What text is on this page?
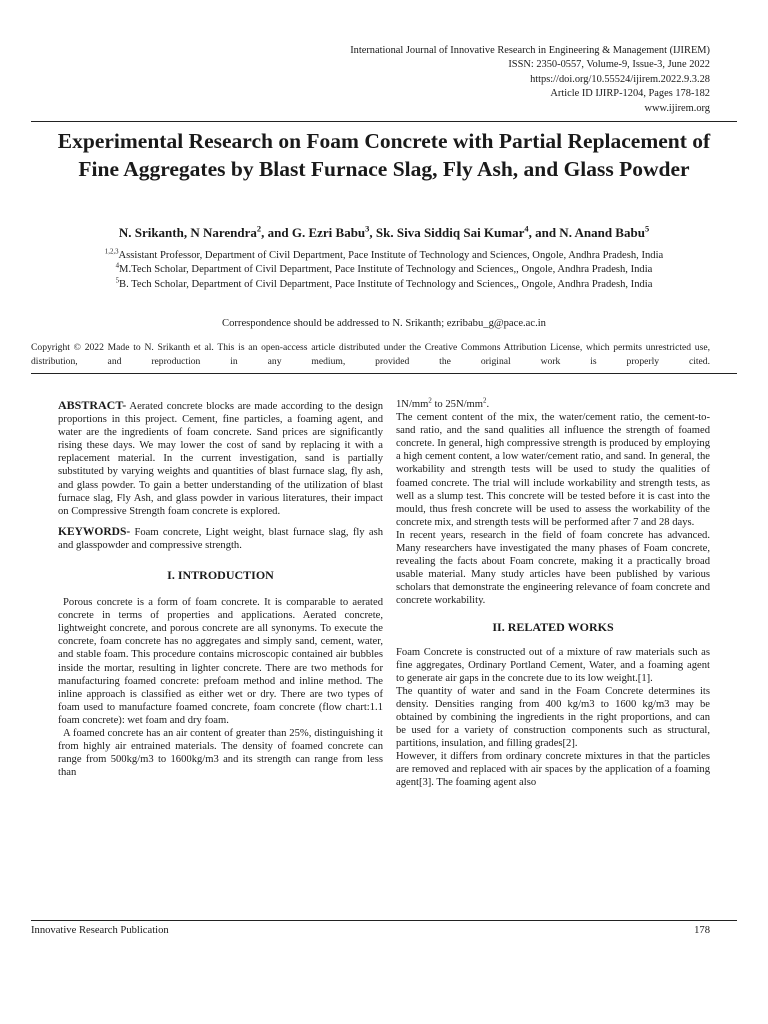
International Journal of Innovative Research in Engineering & Management (IJIREM)
ISSN: 2350-0557, Volume-9, Issue-3, June 2022
https://doi.org/10.55524/ijirem.2022.9.3.28
Article ID IJIRP-1204, Pages 178-182
www.ijirem.org
Experimental Research on Foam Concrete with Partial Replacement of Fine Aggregates by Blast Furnace Slag, Fly Ash, and Glass Powder
N. Srikanth, N Narendra$^2$, and G. Ezri Babu$^3$, Sk. Siva Siddiq Sai Kumar$^4$, and N. Anand Babu$^5$

$^{1,2,3}$Assistant Professor, Department of Civil Department, Pace Institute of Technology and Sciences, Ongole, Andhra Pradesh, India

$^4$M.Tech Scholar, Department of Civil Department, Pace Institute of Technology and Sciences,, Ongole, Andhra Pradesh, India

$^5$B. Tech Scholar, Department of Civil Department, Pace Institute of Technology and Sciences,, Ongole, Andhra Pradesh, India

Correspondence should be addressed to N. Srikanth; ezribabu_g@pace.ac.in
Copyright © 2022 Made to N. Srikanth et al. This is an open-access article distributed under the Creative Commons Attribution License, which permits unrestricted use, distribution, and reproduction in any medium, provided the original work is properly cited.

ABSTRACT- Aerated concrete blocks are made according to the design proportions in this project. Cement, fine particles, a foaming agent, and water are the ingredients of foam concrete. Sand prices are significantly rising these days. We may lower the cost of sand by replacing it with a replacement material. In the current investigation, sand is partially substituted by varying weights and quantities of blast furnace slag, fly ash, and glass powder. To gain a better understanding of the utilization of blast furnace slag, Fly Ash, and glass powder in various literatures, their impact on Compressive Strength foam concrete is explored.

KEYWORDS- Foam concrete, Light weight, blast furnace slag, fly ash and glasspowder and compressive strength.

I. INTRODUCTION

Porous concrete is a form of foam concrete. It is comparable to aerated concrete in terms of properties and applications. Aerated concrete, lightweight concrete, and porous concrete are all synonyms. To execute the concrete, foam concrete has no aggregates and simply sand, cement, water, and stable foam. This procedure contains microscopic contained air bubbles inside the mortar, resulting in lighter concrete. There are two methods for manufacturing foamed concrete: prefoam method and inline method. The inline approach is classified as either wet or dry. There are two types of foam used to manufacture foamed concrete, foam concrete (flow chart:1.1 foam concrete): wet foam and dry foam.

A foamed concrete has an air content of greater than 25%, distinguishing it from highly air entrained materials. The density of foamed concrete can range from 500kg/m3 to 1600kg/m3 and its strength can range from less than

$1N/mm^2$ to $25N/mm^2$.

The cement content of the mix, the water/cement ratio, the cement-to-sand ratio, and the sand qualities all influence the strength of foamed concrete. In general, high compressive strength is produced by employing a high cement content, a low water/cement ratio, and sand. In general, the workability and strength tests will be used to study the qualities of foamed concrete. The trial will include workability and strength tests, as well as a slump test. This concrete will be tested before it is cast into the mould, thus fresh concrete will be used to assess the workability of the concrete mix, and strength tests will be performed after 7 and 28 days.

In recent years, research in the field of foam concrete has advanced. Many researchers have investigated the many phases of Foam concrete, revealing the facts about Foam concrete, making it a practically broad usable material. Many study articles have been published by various scholars that demonstrate the engineering relevance of foam concrete and concrete workability.

II. RELATED WORKS

Foam Concrete is constructed out of a mixture of raw materials such as fine aggregates, Ordinary Portland Cement, Water, and a foaming agent to generate air gaps in the concrete due to its low weight.[1].

The quantity of water and sand in the Foam Concrete determines its density. Densities ranging from 400 kg/m3 to 1600 kg/m3 may be obtained by combining the ingredients in the right proportions, and can be used for a variety of construction components such as structural, partitions, insulation, and filling grades[2].

However, it differs from ordinary concrete mixtures in that the particles are removed and replaced with air spaces by the application of a foaming agent[3]. The foaming agent also

Innovative Research Publication	178
